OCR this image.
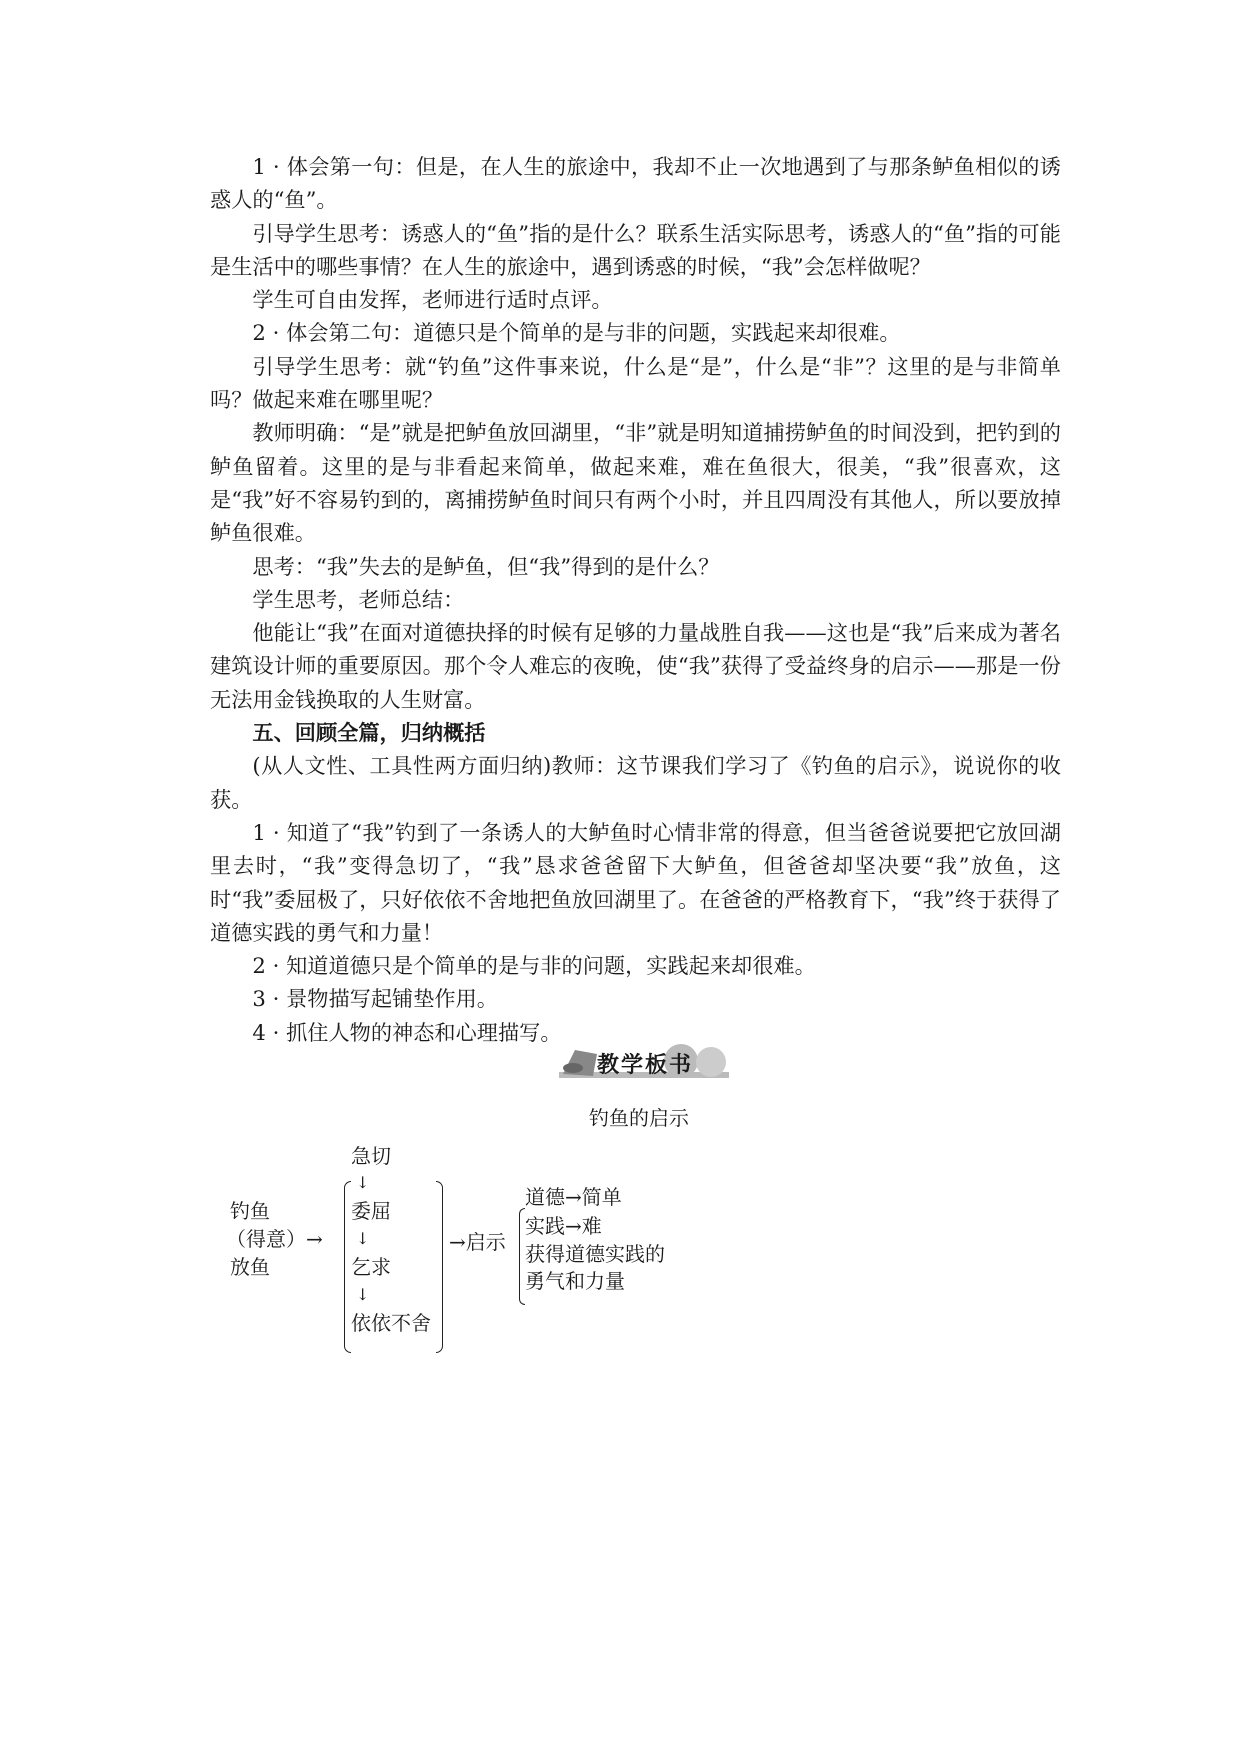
1 · 体会第一句：但是，在人生的旅途中，我却不止一次地遇到了与那条鲈鱼相似的诱惑人的“鱼”。

引导学生思考：诱惑人的“鱼”指的是什么？联系生活实际思考，诱惑人的“鱼”指的可能是生活中的哪些事情？在人生的旅途中，遇到诱惑的时候，“我”会怎样做呢？

学生可自由发挥，老师进行适时点评。

2 · 体会第二句：道德只是个简单的是与非的问题，实践起来却很难。

引导学生思考：就“钓鱼”这件事来说，什么是“是”，什么是“非”？这里的是与非简单吗？做起来难在哪里呢？

教师明确：“是”就是把鲈鱼放回湖里，“非”就是明知道捕捞鲈鱼的时间没到，把钓到的鲈鱼留着。这里的是与非看起来简单，做起来难，难在鱼很大，很美，“我”很喜欢，这是“我”好不容易钓到的，离捕捞鲈鱼时间只有两个小时，并且四周没有其他人，所以要放掉鲈鱼很难。

思考：“我”失去的是鲈鱼，但“我”得到的是什么？

学生思考，老师总结：

他能让“我”在面对道德抉择的时候有足够的力量战胜自我——这也是“我”后来成为著名建筑设计师的重要原因。那个令人难忘的夜晚，使“我”获得了受益终身的启示——那是一份无法用金钱换取的人生财富。

五、回顾全篇，归纳概括

(从人文性、工具性两方面归纳)教师：这节课我们学习了《钓鱼的启示》，说说你的收获。

1 · 知道了“我”钓到了一条诱人的大鲈鱼时心情非常的得意，但当爸爸说要把它放回湖里去时，“我”变得急切了，“我”恳求爸爸留下大鲈鱼，但爸爸却坚决要“我”放鱼，这时“我”委屈极了，只好依依不舍地把鱼放回湖里了。在爸爸的严格教育下，“我”终于获得了道德实践的勇气和力量！

2 · 知道道德只是个简单的是与非的问题，实践起来却很难。

3 · 景物描写起铺垫作用。

4 · 抓住人物的神态和心理描写。

教学板书
钓鱼的启示
钓鱼
（得意）→
放鱼
急切
↓
委屈
↓
乞求
↓
依依不舍
→启示
道德→简单
实践→难
获得道德实践的
勇气和力量
